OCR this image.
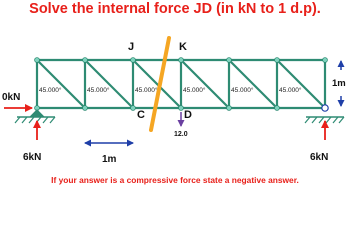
Solve the internal force JD (in kN to 1 d.p).
45.000°	45.000°	45.000°	45.000°	45.000°	45.000°
J	K
C	D
1m
0kN
6kN	6kN
12.0
1m
If your answer is a compressive force state a negative answer.
